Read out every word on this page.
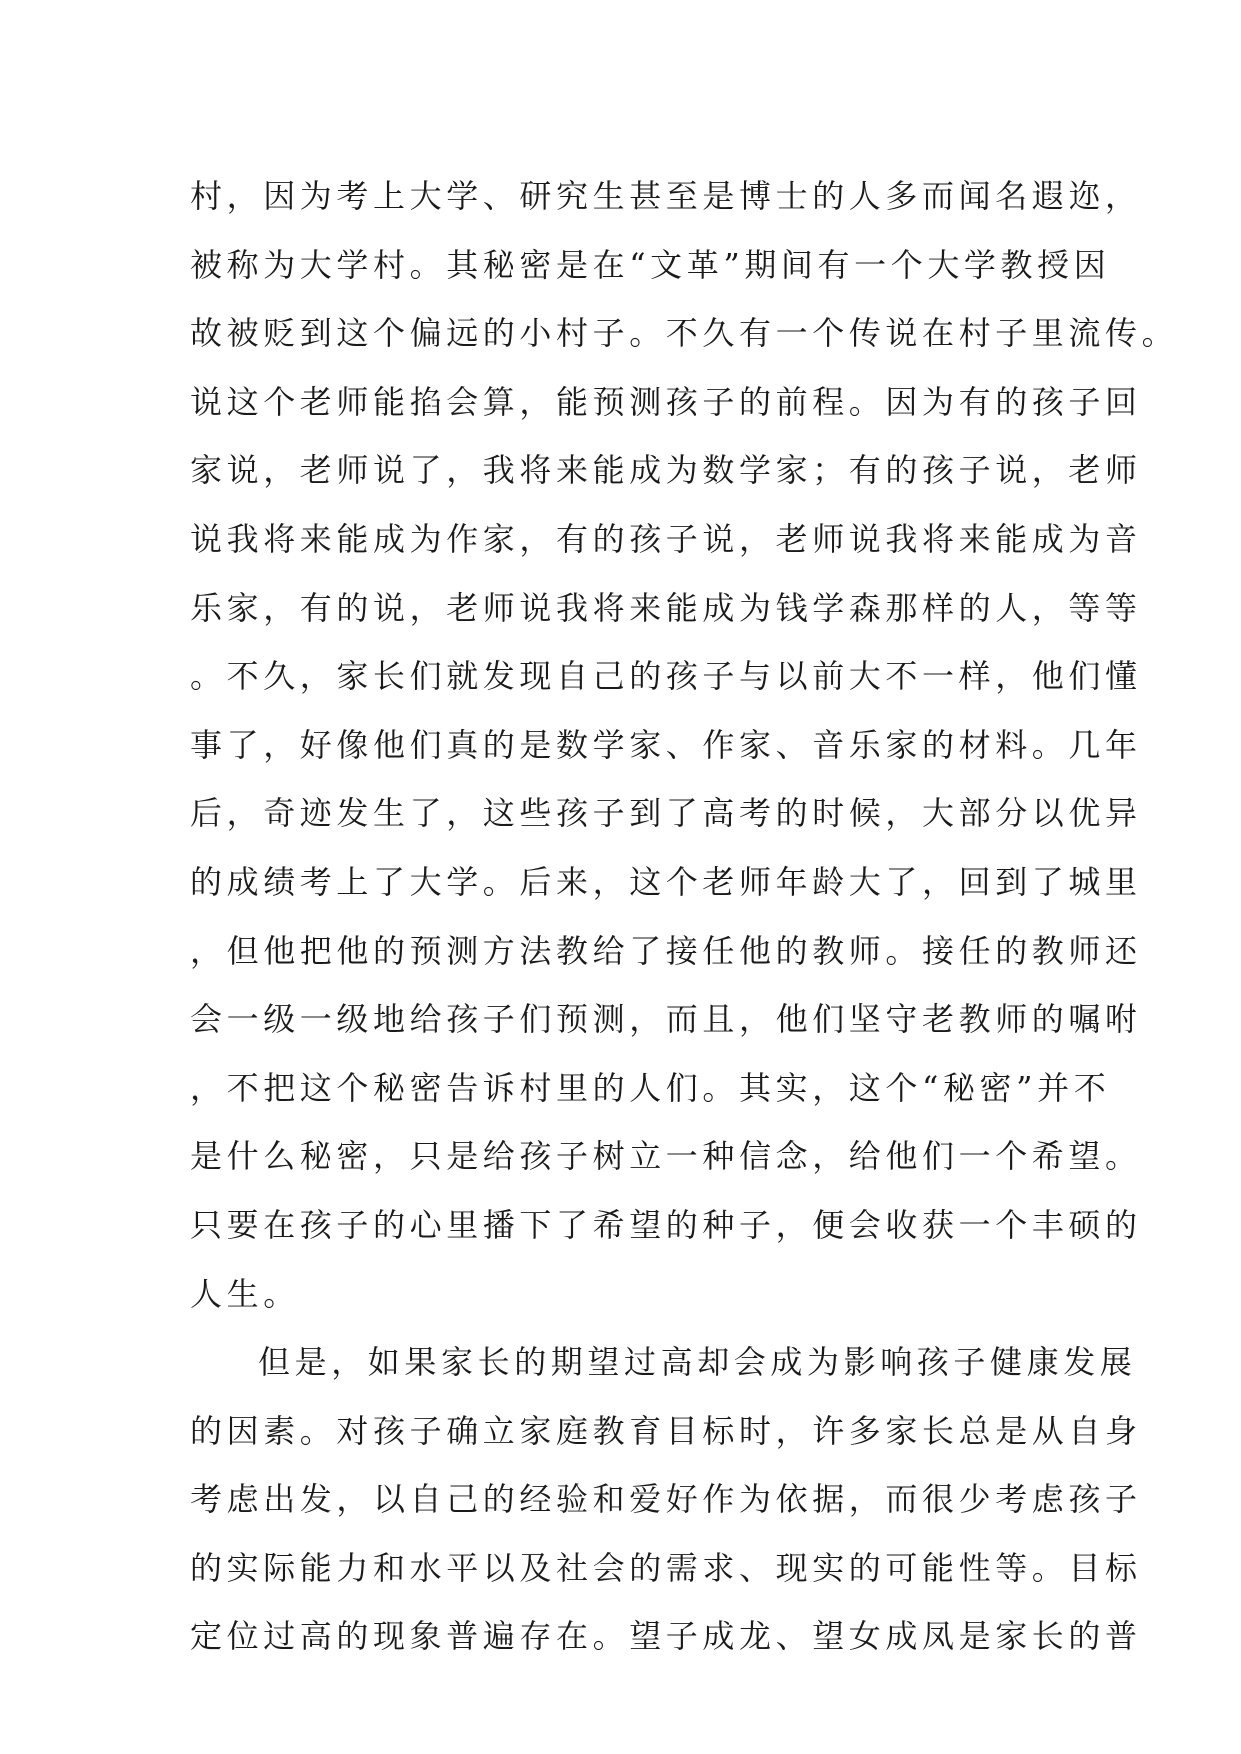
村，因为考上大学、研究生甚至是博士的人多而闻名遐迩，
被称为大学村。其秘密是在“文革”期间有一个大学教授因
故被贬到这个偏远的小村子。不久有一个传说在村子里流传。
说这个老师能掐会算，能预测孩子的前程。因为有的孩子回
家说，老师说了，我将来能成为数学家；有的孩子说，老师
说我将来能成为作家，有的孩子说，老师说我将来能成为音
乐家，有的说，老师说我将来能成为钱学森那样的人，等等
。不久，家长们就发现自己的孩子与以前大不一样，他们懂
事了，好像他们真的是数学家、作家、音乐家的材料。几年
后，奇迹发生了，这些孩子到了高考的时候，大部分以优异
的成绩考上了大学。后来，这个老师年龄大了，回到了城里
，但他把他的预测方法教给了接任他的教师。接任的教师还
会一级一级地给孩子们预测，而且，他们坚守老教师的嘱咐
，不把这个秘密告诉村里的人们。其实，这个“秘密”并不
是什么秘密，只是给孩子树立一种信念，给他们一个希望。
只要在孩子的心里播下了希望的种子，便会收获一个丰硕的
人生。
但是，如果家长的期望过高却会成为影响孩子健康发展
的因素。对孩子确立家庭教育目标时，许多家长总是从自身
考虑出发，以自己的经验和爱好作为依据，而很少考虑孩子
的实际能力和水平以及社会的需求、现实的可能性等。目标
定位过高的现象普遍存在。望子成龙、望女成凤是家长的普
